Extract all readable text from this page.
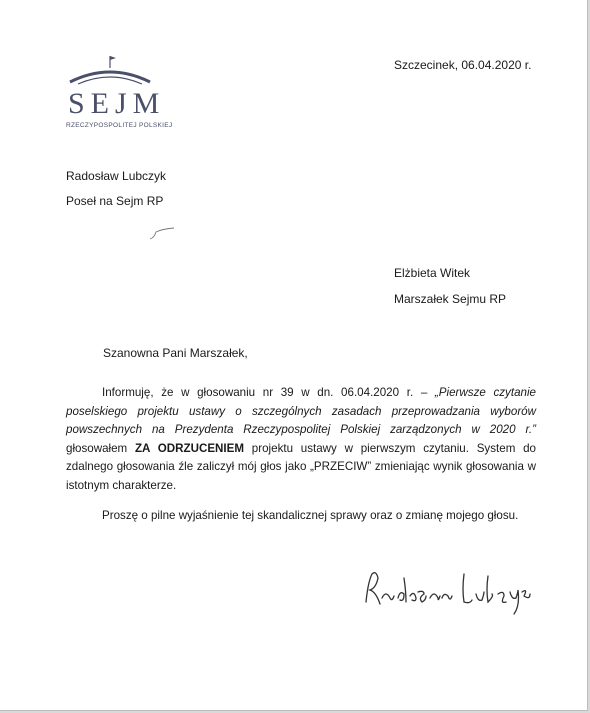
SEJM
RZECZYPOSPOLITEJ POLSKIEJ
Szczecinek, 06.04.2020 r.
Radosław Lubczyk
Poseł na Sejm RP
Elżbieta Witek
Marszałek Sejmu RP
Szanowna Pani Marszałek,
Informuję, że w głosowaniu nr 39 w dn. 06.04.2020 r. – „Pierwsze czytanie poselskiego projektu ustawy o szczególnych zasadach przeprowadzania wyborów powszechnych na Prezydenta Rzeczypospolitej Polskiej zarządzonych w 2020 r.” głosowałem ZA ODRZUCENIEM projektu ustawy w pierwszym czytaniu. System do zdalnego głosowania źle zaliczył mój głos jako „PRZECIW” zmieniając wynik głosowania w istotnym charakterze.
Proszę o pilne wyjaśnienie tej skandalicznej sprawy oraz o zmianę mojego głosu.
